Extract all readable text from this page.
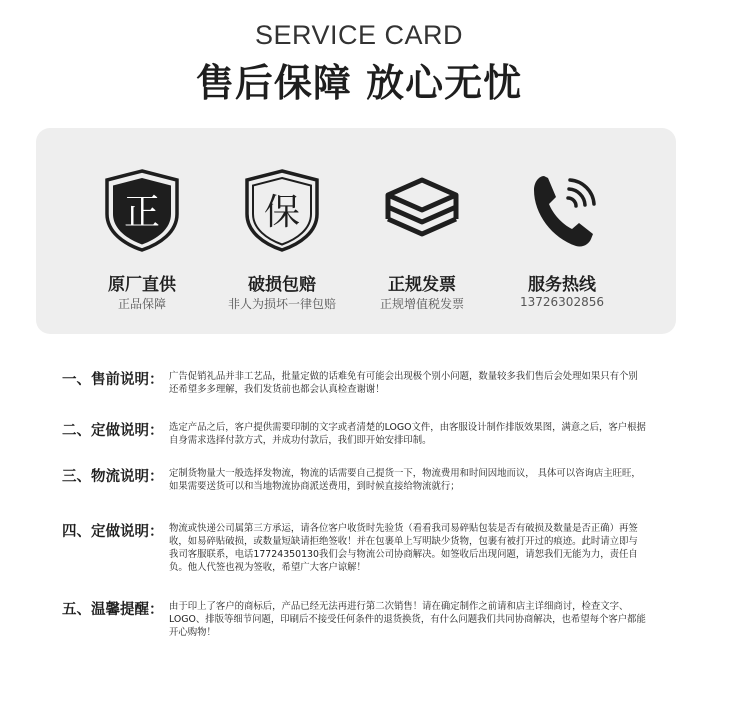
SERVICE CARD
售后保障 放心无忧
正
原厂直供
正品保障
保
破损包赔
非人为损坏一律包赔
正规发票
正规增值税发票
服务热线
13726302856
一、售前说明： 广告促销礼品并非工艺品，批量定做的话难免有可能会出现极个别小问题，数量较多我们售后会处理如果只有个别还希望多多理解，我们发货前也都会认真检查谢谢！
二、定做说明： 选定产品之后，客户提供需要印制的文字或者清楚的LOGO文件，由客服设计制作排版效果图，满意之后，客户根据自身需求选择付款方式，并成功付款后，我们即开始安排印制。
三、物流说明： 定制货物量大一般选择发物流，物流的话需要自己提货一下，物流费用和时间因地而议， 具体可以咨询店主旺旺，如果需要送货可以和当地物流协商派送费用，到时候直接给物流就行；
四、定做说明： 物流或快递公司属第三方承运，请各位客户收货时先验货（看看我司易碎贴包装是否有破损及数量是否正确）再签收，如易碎贴破损，或数量短缺请拒绝签收！并在包裹单上写明缺少货物，包裹有被打开过的痕迹。此时请立即与我司客服联系，电话17724350130我们会与物流公司协商解决。如签收后出现问题，请恕我们无能为力，责任自负。他人代签也视为签收，希望广大客户谅解！
五、温馨提醒： 由于印上了客户的商标后，产品已经无法再进行第二次销售！请在确定制作之前请和店主详细商讨，检查文字、LOGO、排版等细节问题，印刷后不接受任何条件的退货换货，有什么问题我们共同协商解决，也希望每个客户都能开心购物！
